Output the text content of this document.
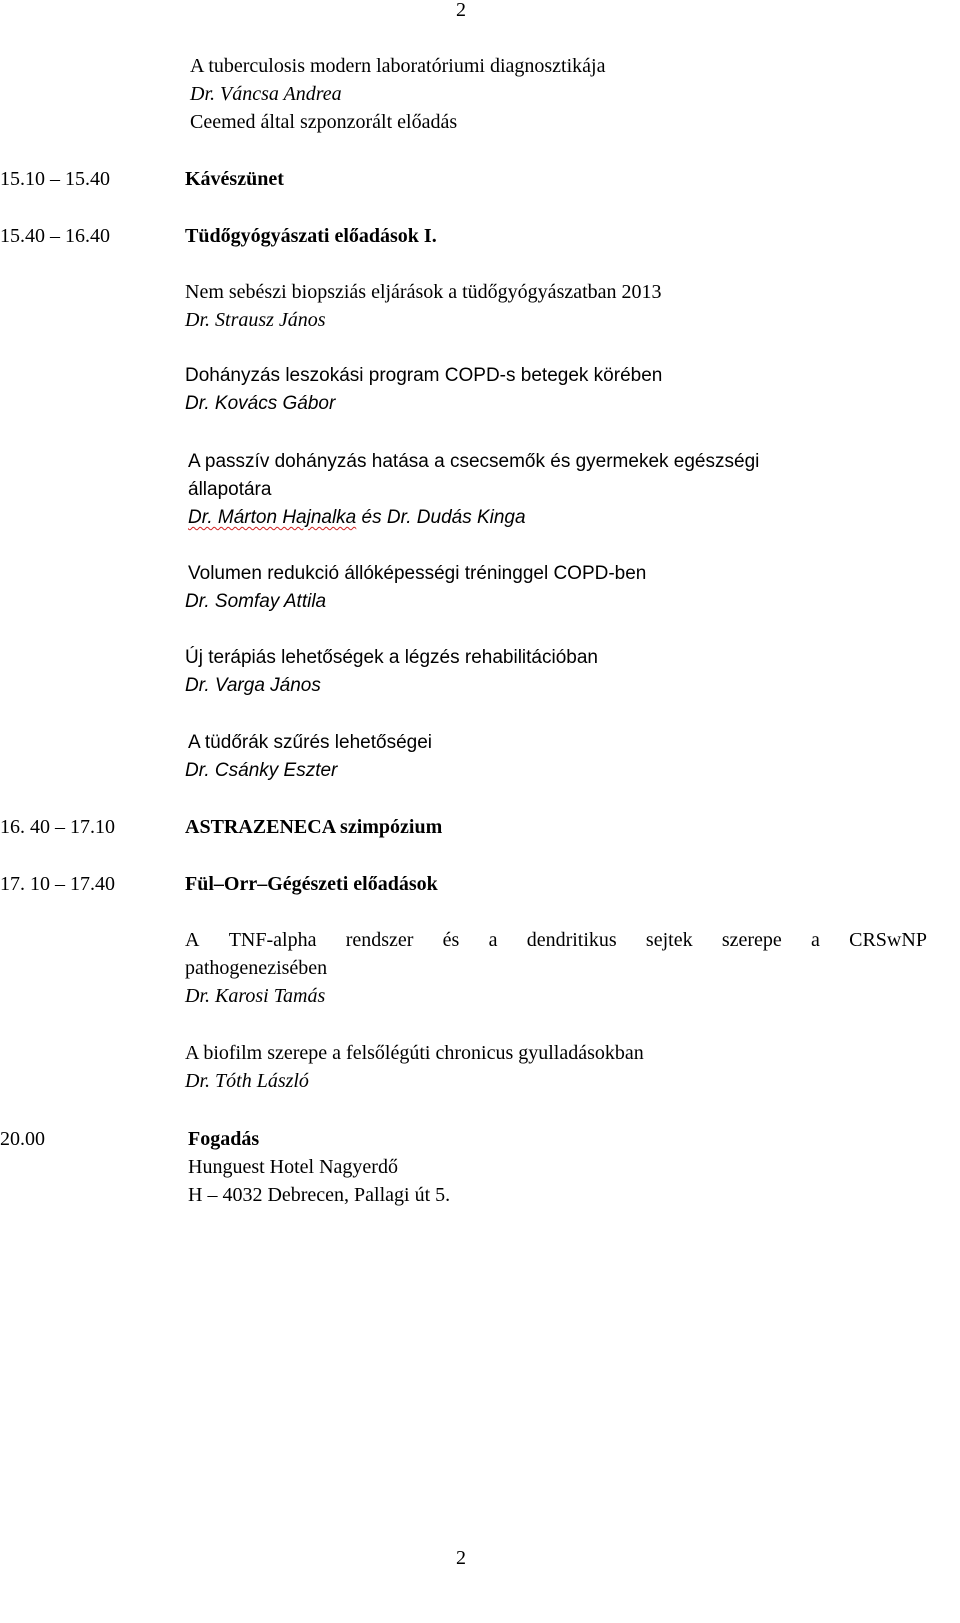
2
A tuberculosis modern laboratóriumi diagnosztikája
Dr. Váncsa Andrea
Ceemed által szponzorált előadás
15.10 – 15.40	Kávészünet
15.40 – 16.40	Tüdőgyógyászati előadások I.
Nem sebészi biopsziás eljárások a tüdőgyógyászatban 2013
Dr. Strausz János
Dohányzás leszokási program COPD-s betegek körében
Dr. Kovács Gábor
A passzív dohányzás hatása a csecsemők és gyermekek egészségi
állapotára
Dr. Márton Hajnalka és Dr. Dudás Kinga
Volumen redukció állóképességi tréninggel COPD-ben
Dr. Somfay Attila
Új terápiás lehetőségek a légzés rehabilitációban
Dr. Varga János
A tüdőrák szűrés lehetőségei
Dr. Csánky Eszter
16. 40 – 17.10	ASTRAZENECA szimpózium
17. 10 – 17.40	Fül–Orr–Gégészeti előadások
A TNF-alpha rendszer és a dendritikus sejtek szerepe a CRSwNP
pathogenezisében
Dr. Karosi Tamás
A biofilm szerepe a felsőlégúti chronicus gyulladásokban
Dr. Tóth László
20.00	Fogadás
Hunguest Hotel Nagyerdő
H – 4032 Debrecen, Pallagi út 5.
2
